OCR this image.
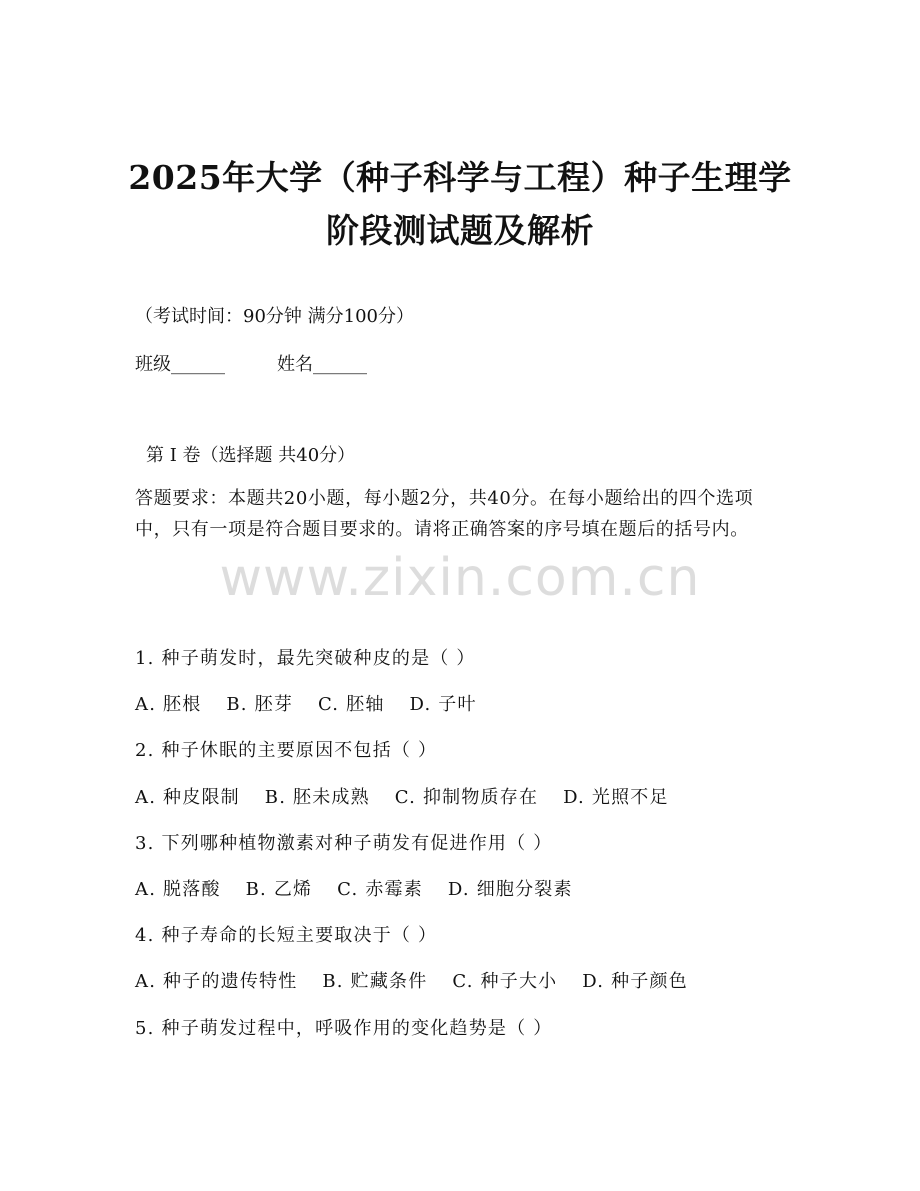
2025年大学（种子科学与工程）种子生理学
阶段测试题及解析
（考试时间：90分钟 满分100分）
班级______	姓名______
第 I 卷（选择题 共40分）
答题要求：本题共20小题，每小题2分，共40分。在每小题给出的四个选项中，只有一项是符合题目要求的。请将正确答案的序号填在题后的括号内。
www.zixin.com.cn
1. 种子萌发时，最先突破种皮的是（ ）
A. 胚根 B. 胚芽 C. 胚轴 D. 子叶
2. 种子休眠的主要原因不包括（ ）
A. 种皮限制 B. 胚未成熟 C. 抑制物质存在 D. 光照不足
3. 下列哪种植物激素对种子萌发有促进作用（ ）
A. 脱落酸 B. 乙烯 C. 赤霉素 D. 细胞分裂素
4. 种子寿命的长短主要取决于（ ）
A. 种子的遗传特性 B. 贮藏条件 C. 种子大小 D. 种子颜色
5. 种子萌发过程中，呼吸作用的变化趋势是（ ）
